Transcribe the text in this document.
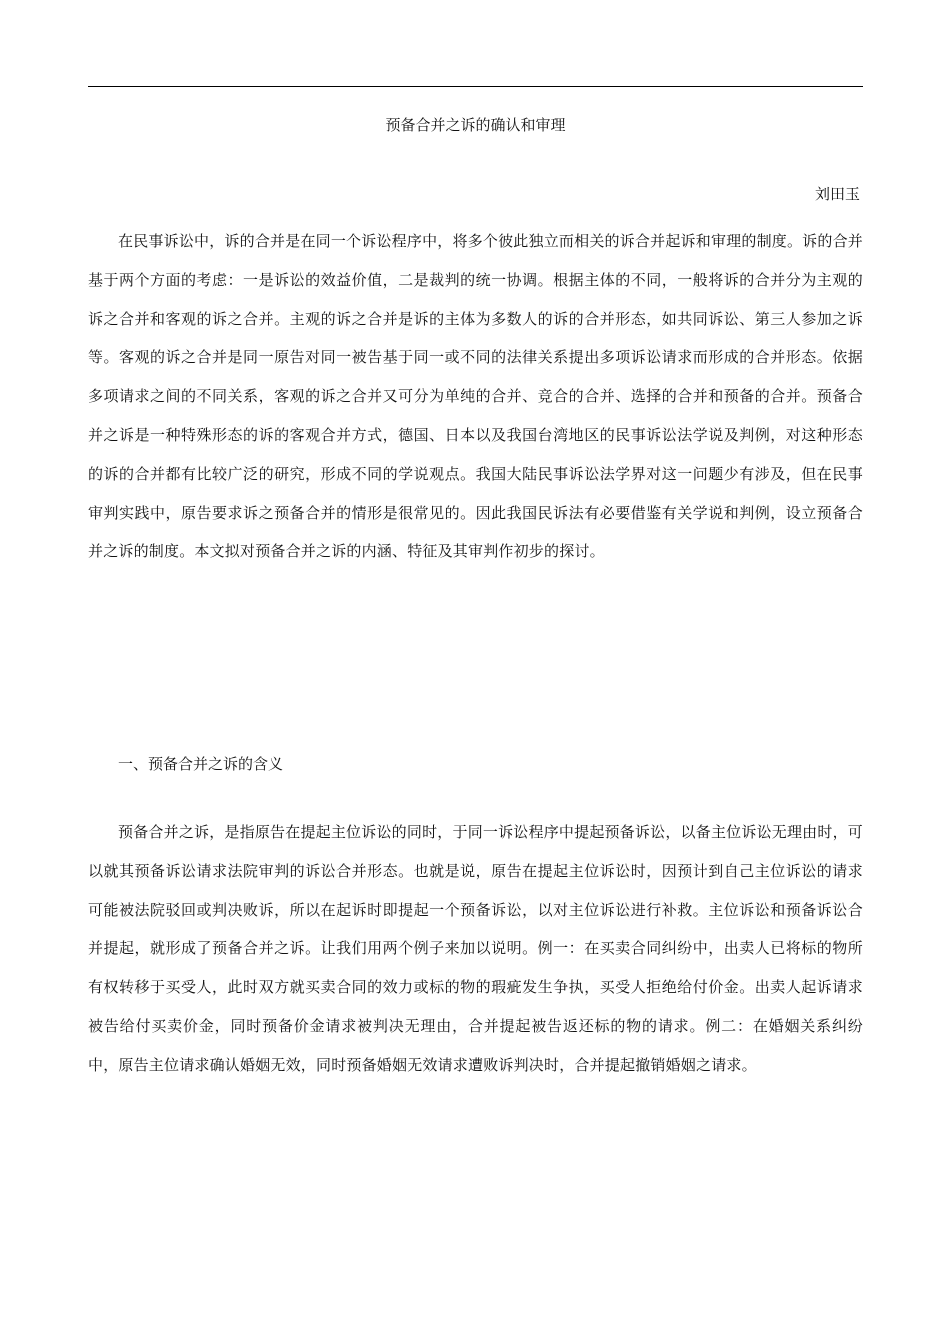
预备合并之诉的确认和审理

刘田玉

在民事诉讼中，诉的合并是在同一个诉讼程序中，将多个彼此独立而相关的诉合并起诉和审理的制度。诉的合并基于两个方面的考虑：一是诉讼的效益价值，二是裁判的统一协调。根据主体的不同，一般将诉的合并分为主观的诉之合并和客观的诉之合并。主观的诉之合并是诉的主体为多数人的诉的合并形态，如共同诉讼、第三人参加之诉等。客观的诉之合并是同一原告对同一被告基于同一或不同的法律关系提出多项诉讼请求而形成的合并形态。依据多项请求之间的不同关系，客观的诉之合并又可分为单纯的合并、竞合的合并、选择的合并和预备的合并。预备合并之诉是一种特殊形态的诉的客观合并方式，德国、日本以及我国台湾地区的民事诉讼法学说及判例，对这种形态的诉的合并都有比较广泛的研究，形成不同的学说观点。我国大陆民事诉讼法学界对这一问题少有涉及，但在民事审判实践中，原告要求诉之预备合并的情形是很常见的。因此我国民诉法有必要借鉴有关学说和判例，设立预备合并之诉的制度。本文拟对预备合并之诉的内涵、特征及其审判作初步的探讨。

一、预备合并之诉的含义

预备合并之诉，是指原告在提起主位诉讼的同时，于同一诉讼程序中提起预备诉讼，以备主位诉讼无理由时，可以就其预备诉讼请求法院审判的诉讼合并形态。也就是说，原告在提起主位诉讼时，因预计到自己主位诉讼的请求可能被法院驳回或判决败诉，所以在起诉时即提起一个预备诉讼，以对主位诉讼进行补救。主位诉讼和预备诉讼合并提起，就形成了预备合并之诉。让我们用两个例子来加以说明。例一：在买卖合同纠纷中，出卖人已将标的物所有权转移于买受人，此时双方就买卖合同的效力或标的物的瑕疵发生争执，买受人拒绝给付价金。出卖人起诉请求被告给付买卖价金，同时预备价金请求被判决无理由，合并提起被告返还标的物的请求。例二：在婚姻关系纠纷中，原告主位请求确认婚姻无效，同时预备婚姻无效请求遭败诉判决时，合并提起撤销婚姻之请求。
